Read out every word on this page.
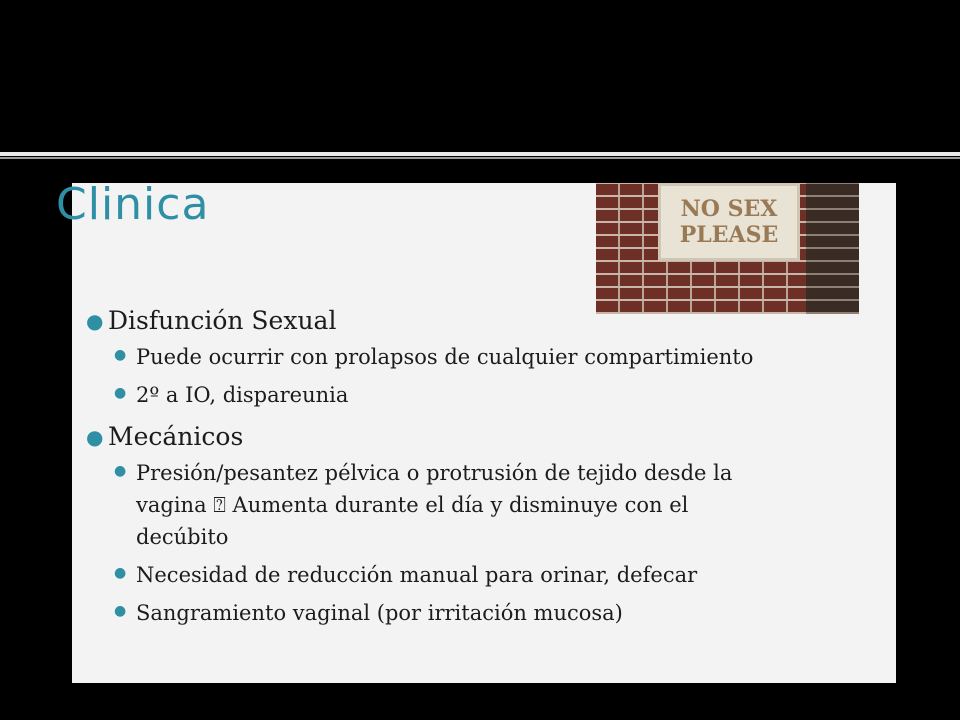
Clinica	NO SEX
PLEASE
● Disfunción Sexual
● Puede ocurrir con prolapsos de cualquier compartimiento
● 2º a IO, dispareunia
● Mecánicos
● Presión/pesantez pélvica o protrusión de tejido desde la vagina ⍰ Aumenta durante el día y disminuye con el decúbito
● Necesidad de reducción manual para orinar, defecar
● Sangramiento vaginal (por irritación mucosa)
